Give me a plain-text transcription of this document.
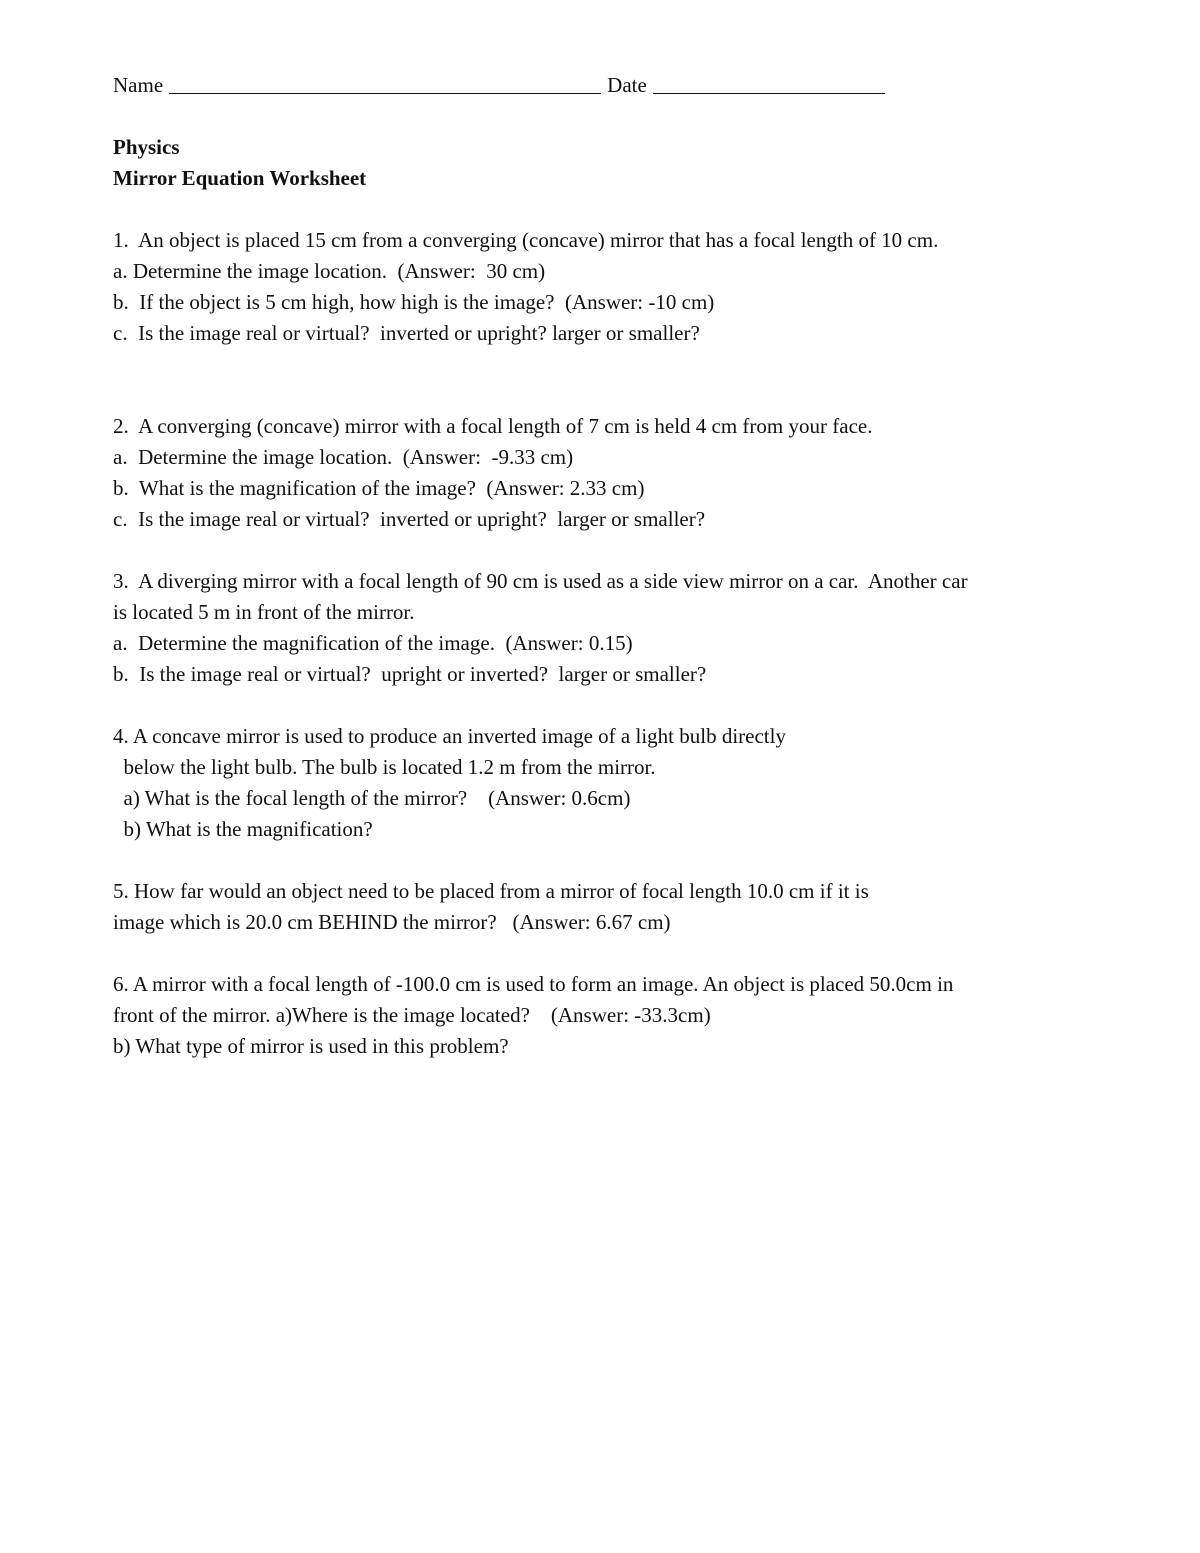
Name	Date
Physics
Mirror Equation Worksheet
1.  An object is placed 15 cm from a converging (concave) mirror that has a focal length of 10 cm.
a. Determine the image location.  (Answer:  30 cm)
b.  If the object is 5 cm high, how high is the image?  (Answer: -10 cm)
c.  Is the image real or virtual?  inverted or upright? larger or smaller?
2.  A converging (concave) mirror with a focal length of 7 cm is held 4 cm from your face.
a.  Determine the image location.  (Answer:  -9.33 cm)
b.  What is the magnification of the image?  (Answer: 2.33 cm)
c.  Is the image real or virtual?  inverted or upright?  larger or smaller?
3.  A diverging mirror with a focal length of 90 cm is used as a side view mirror on a car.  Another car
is located 5 m in front of the mirror.
a.  Determine the magnification of the image.  (Answer: 0.15)
b.  Is the image real or virtual?  upright or inverted?  larger or smaller?
4. A concave mirror is used to produce an inverted image of a light bulb directly
below the light bulb. The bulb is located 1.2 m from the mirror.
a) What is the focal length of the mirror?    (Answer: 0.6cm)
b) What is the magnification?
5. How far would an object need to be placed from a mirror of focal length 10.0 cm if it is
image which is 20.0 cm BEHIND the mirror?   (Answer: 6.67 cm)
6. A mirror with a focal length of -100.0 cm is used to form an image. An object is placed 50.0cm in
front of the mirror. a)Where is the image located?    (Answer: -33.3cm)
b) What type of mirror is used in this problem?
